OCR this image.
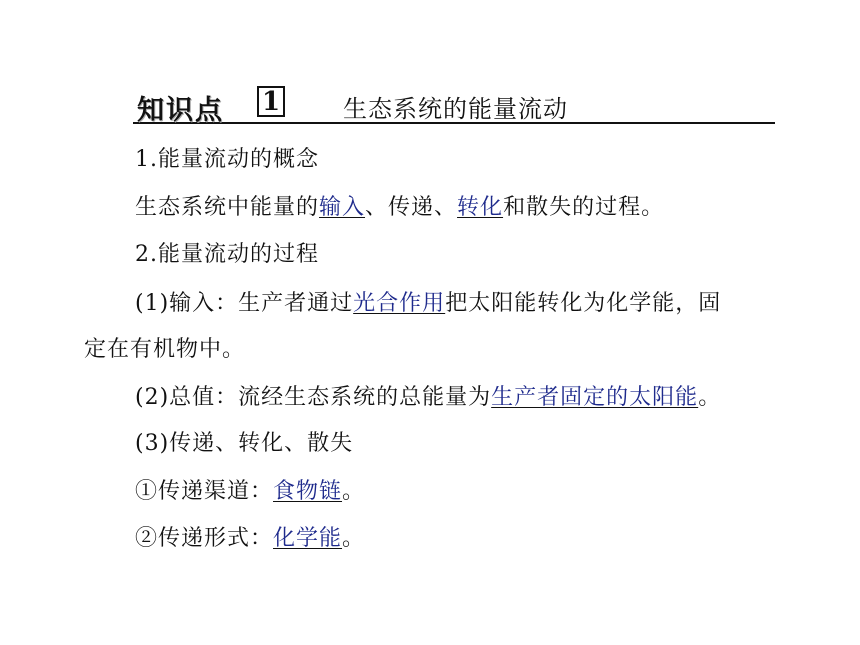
知识点 1	生态系统的能量流动
1.能量流动的概念
生态系统中能量的输入、传递、转化和散失的过程。
2.能量流动的过程
(1)输入：生产者通过光合作用把太阳能转化为化学能，固
定在有机物中。
(2)总值：流经生态系统的总能量为生产者固定的太阳能。
(3)传递、转化、散失
①传递渠道：食物链。
②传递形式：化学能。
